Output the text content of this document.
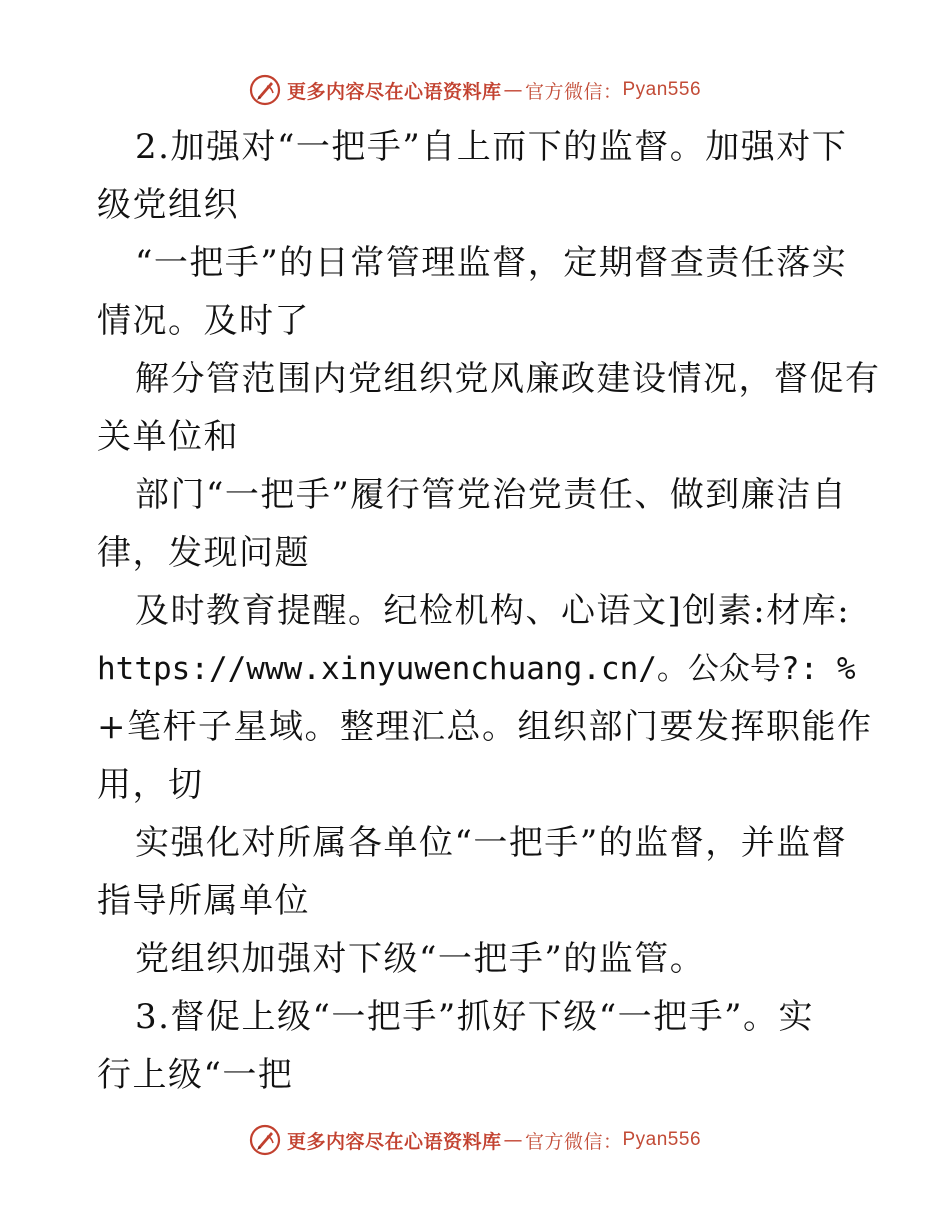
更多内容尽在心语资料库 — 官方微信： Pyan556
2.加强对“一把手”自上而下的监督。加强对下
级党组织
“一把手”的日常管理监督，定期督查责任落实
情况。及时了
解分管范围内党组织党风廉政建设情况，督促有
关单位和
部门“一把手”履行管党治党责任、做到廉洁自
律，发现问题
及时教育提醒。纪检机构、心语文]创素:材库:
https://www.xinyuwenchuang.cn/。公众号?: %
+笔杆子星域。整理汇总。组织部门要发挥职能作
用，切
实强化对所属各单位“一把手”的监督，并监督
指导所属单位
党组织加强对下级“一把手”的监管。
3.督促上级“一把手”抓好下级“一把手”。实
行上级“一把
更多内容尽在心语资料库 — 官方微信： Pyan556
